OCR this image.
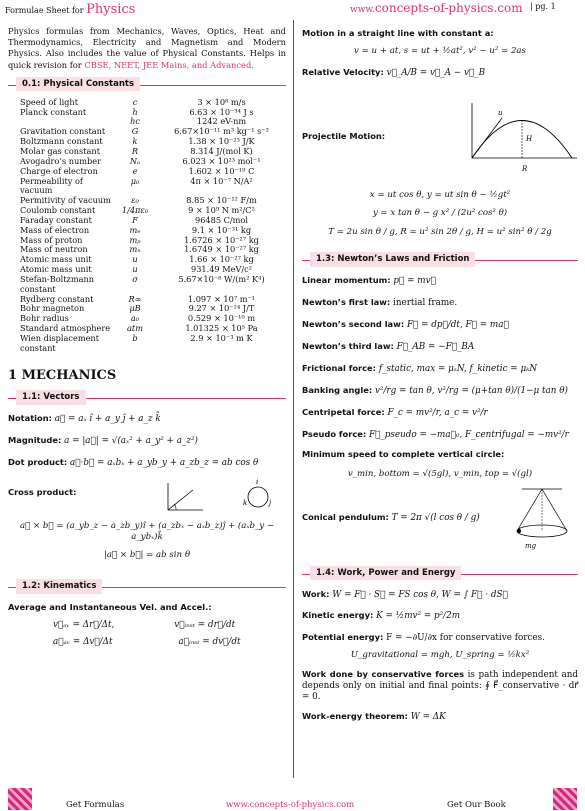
Formulae Sheet for Physics	www.concepts-of-physics.com | pg. 1
Physics formulas from Mechanics, Waves, Optics, Heat and Thermodynamics, Electricity and Magnetism and Modern Physics. Also includes the value of Physical Constants. Helps in quick revision for CBSE, NEET, JEE Mains, and Advanced.
0.1: Physical Constants
Speed of light	c	3 × 10⁸ m/s
Planck constant	h	6.63 × 10⁻³⁴ J s
	hc	1242 eV-nm
Gravitation constant	G	6.67×10⁻¹¹ m³ kg⁻¹ s⁻²
Boltzmann constant	k	1.38 × 10⁻²³ J/K
Molar gas constant	R	8.314 J/(mol K)
Avogadro’s number	Nₐ	6.023 × 10²³ mol⁻¹
Charge of electron	e	1.602 × 10⁻¹⁹ C
Permeability of vacuum	μ₀	4π × 10⁻⁷ N/A²
Permitivity of vacuum	ε₀	8.85 × 10⁻¹² F/m
Coulomb constant	1/4πε₀	9 × 10⁹ N m²/C²
Faraday constant	F	96485 C/mol
Mass of electron	mₑ	9.1 × 10⁻³¹ kg
Mass of proton	mₚ	1.6726 × 10⁻²⁷ kg
Mass of neutron	mₙ	1.6749 × 10⁻²⁷ kg
Atomic mass unit	u	1.66 × 10⁻²⁷ kg
Atomic mass unit	u	931.49 MeV/c²
Stefan-Boltzmann constant	σ	5.67×10⁻⁸ W/(m² K⁴)
Rydberg constant	R∞	1.097 × 10⁷ m⁻¹
Bohr magneton	μB	9.27 × 10⁻²⁴ J/T
Bohr radius	a₀	0.529 × 10⁻¹⁰ m
Standard atmosphere	atm	1.01325 × 10⁵ Pa
Wien displacement constant	b	2.9 × 10⁻³ m K
1 MECHANICS
1.1: Vectors
Notation: a⃗ = aₓ î + a_y ĵ + a_z k̂
Magnitude: a = |a⃗| = √(aₓ² + a_y² + a_z²)
Dot product: a⃗·b⃗ = aₓbₓ + a_yb_y + a_zb_z = ab cos θ
Cross product:
i
k	j
a⃗ × b⃗ = (a_yb_z − a_zb_y)î + (a_zbₓ − aₓb_z)ĵ + (aₓb_y − a_ybₓ)k̂
|a⃗ × b⃗| = ab sin θ
1.2: Kinematics
Average and Instantaneous Vel. and Accel.:
v⃗ₐᵥ = Δr⃗/Δt,	v⃗ᵢₙₛₜ = dr⃗/dt
a⃗ₐᵥ = Δv⃗/Δt	a⃗ᵢₙₛₜ = dv⃗/dt
Motion in a straight line with constant a:
v = u + at, s = ut + ½at², v² − u² = 2as
Relative Velocity: v⃗_A/B = v⃗_A − v⃗_B
Projectile Motion:	H
R
u
x = ut cos θ, y = ut sin θ − ½gt²
y = x tan θ − g x² / (2u² cos² θ)
T = 2u sin θ / g, R = u² sin 2θ / g, H = u² sin² θ / 2g
1.3: Newton’s Laws and Friction
Linear momentum: p⃗ = mv⃗
Newton’s first law: inertial frame.
Newton’s second law: F⃗ = dp⃗/dt, F⃗ = ma⃗
Newton’s third law: F⃗_AB = −F⃗_BA
Frictional force: f_static, max = μₛN, f_kinetic = μₖN
Banking angle: v²/rg = tan θ, v²/rg = (μ+tan θ)/(1−μ tan θ)
Centripetal force: F_c = mv²/r, a_c = v²/r
Pseudo force: F⃗_pseudo = −ma⃗₀, F_centrifugal = −mv²/r
Minimum speed to complete vertical circle:
v_min, bottom = √(5gl), v_min, top = √(gl)
Conical pendulum: T = 2π √(l cos θ / g)
mg
1.4: Work, Power and Energy
Work: W = F⃗ · S⃗ = FS cos θ, W = ∫ F⃗ · dS⃗
Kinetic energy: K = ½mv² = p²/2m
Potential energy: F = −∂U/∂x for conservative forces.
U_gravitational = mgh, U_spring = ½kx²
Work done by conservative forces is path independent and depends only on initial and final points: ∮ F⃗_conservative · dr⃗ = 0.
Work-energy theorem: W = ΔK
Get Formulas	www.concepts-of-physics.com	Get Our Book
